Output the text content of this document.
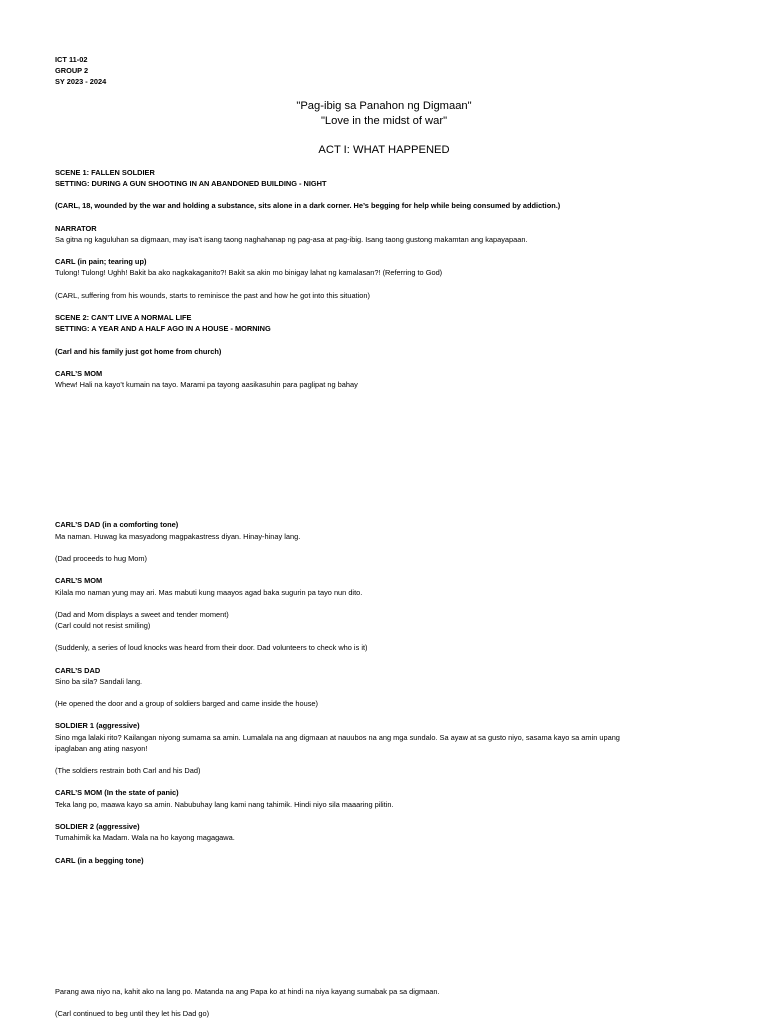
ICT 11-02
GROUP 2
SY 2023 - 2024
"Pag-ibig sa Panahon ng Digmaan"
"Love in the midst of war"
ACT I: WHAT HAPPENED
SCENE 1: FALLEN SOLDIER
SETTING: DURING A GUN SHOOTING IN AN ABANDONED BUILDING - NIGHT
(CARL, 18, wounded by the war and holding a substance, sits alone in a dark corner. He’s begging for help while being consumed by addiction.)
NARRATOR
Sa gitna ng kaguluhan sa digmaan, may isa’t isang taong naghahanap ng pag-asa at pag-ibig. Isang taong gustong makamtan ang kapayapaan.
CARL (in pain; tearing up)
Tulong! Tulong! Ughh! Bakit ba ako nagkakaganito?! Bakit sa akin mo binigay lahat ng kamalasan?! (Referring to God)
(CARL, suffering from his wounds, starts to reminisce the past and how he got into this situation)
SCENE 2: CAN’T LIVE A NORMAL LIFE
SETTING: A YEAR AND A HALF AGO IN A HOUSE - MORNING
(Carl and his family just got home from church)
CARL’S MOM
Whew! Hali na kayo’t kumain na tayo. Marami pa tayong aasikasuhin para paglipat ng bahay
CARL’S DAD (in a comforting tone)
Ma naman. Huwag ka masyadong magpakastress diyan. Hinay-hinay lang.
(Dad proceeds to hug Mom)
CARL’S MOM
Kilala mo naman yung may ari. Mas mabuti kung maayos agad baka sugurin pa tayo nun dito.
(Dad and Mom displays a sweet and tender moment)
(Carl could not resist smiling)
(Suddenly, a series of loud knocks was heard from their door. Dad volunteers to check who is it)
CARL’S DAD
Sino ba sila? Sandali lang.
(He opened the door and a group of soldiers barged and came inside the house)
SOLDIER 1 (aggressive)
Sino mga lalaki rito? Kailangan niyong sumama sa amin. Lumalala na ang digmaan at nauubos na ang mga sundalo. Sa ayaw at sa gusto niyo, sasama kayo sa amin upang
ipaglaban ang ating nasyon!
(The soldiers restrain both Carl and his Dad)
CARL’S MOM (In the state of panic)
Teka lang po, maawa kayo sa amin. Nabubuhay lang kami nang tahimik. Hindi niyo sila maaaring pilitin.
SOLDIER 2 (aggressive)
Tumahimik ka Madam. Wala na ho kayong magagawa.
CARL (in a begging tone)
Parang awa niyo na, kahit ako na lang po. Matanda na ang Papa ko at hindi na niya kayang sumabak pa sa digmaan.
(Carl continued to beg until they let his Dad go)
